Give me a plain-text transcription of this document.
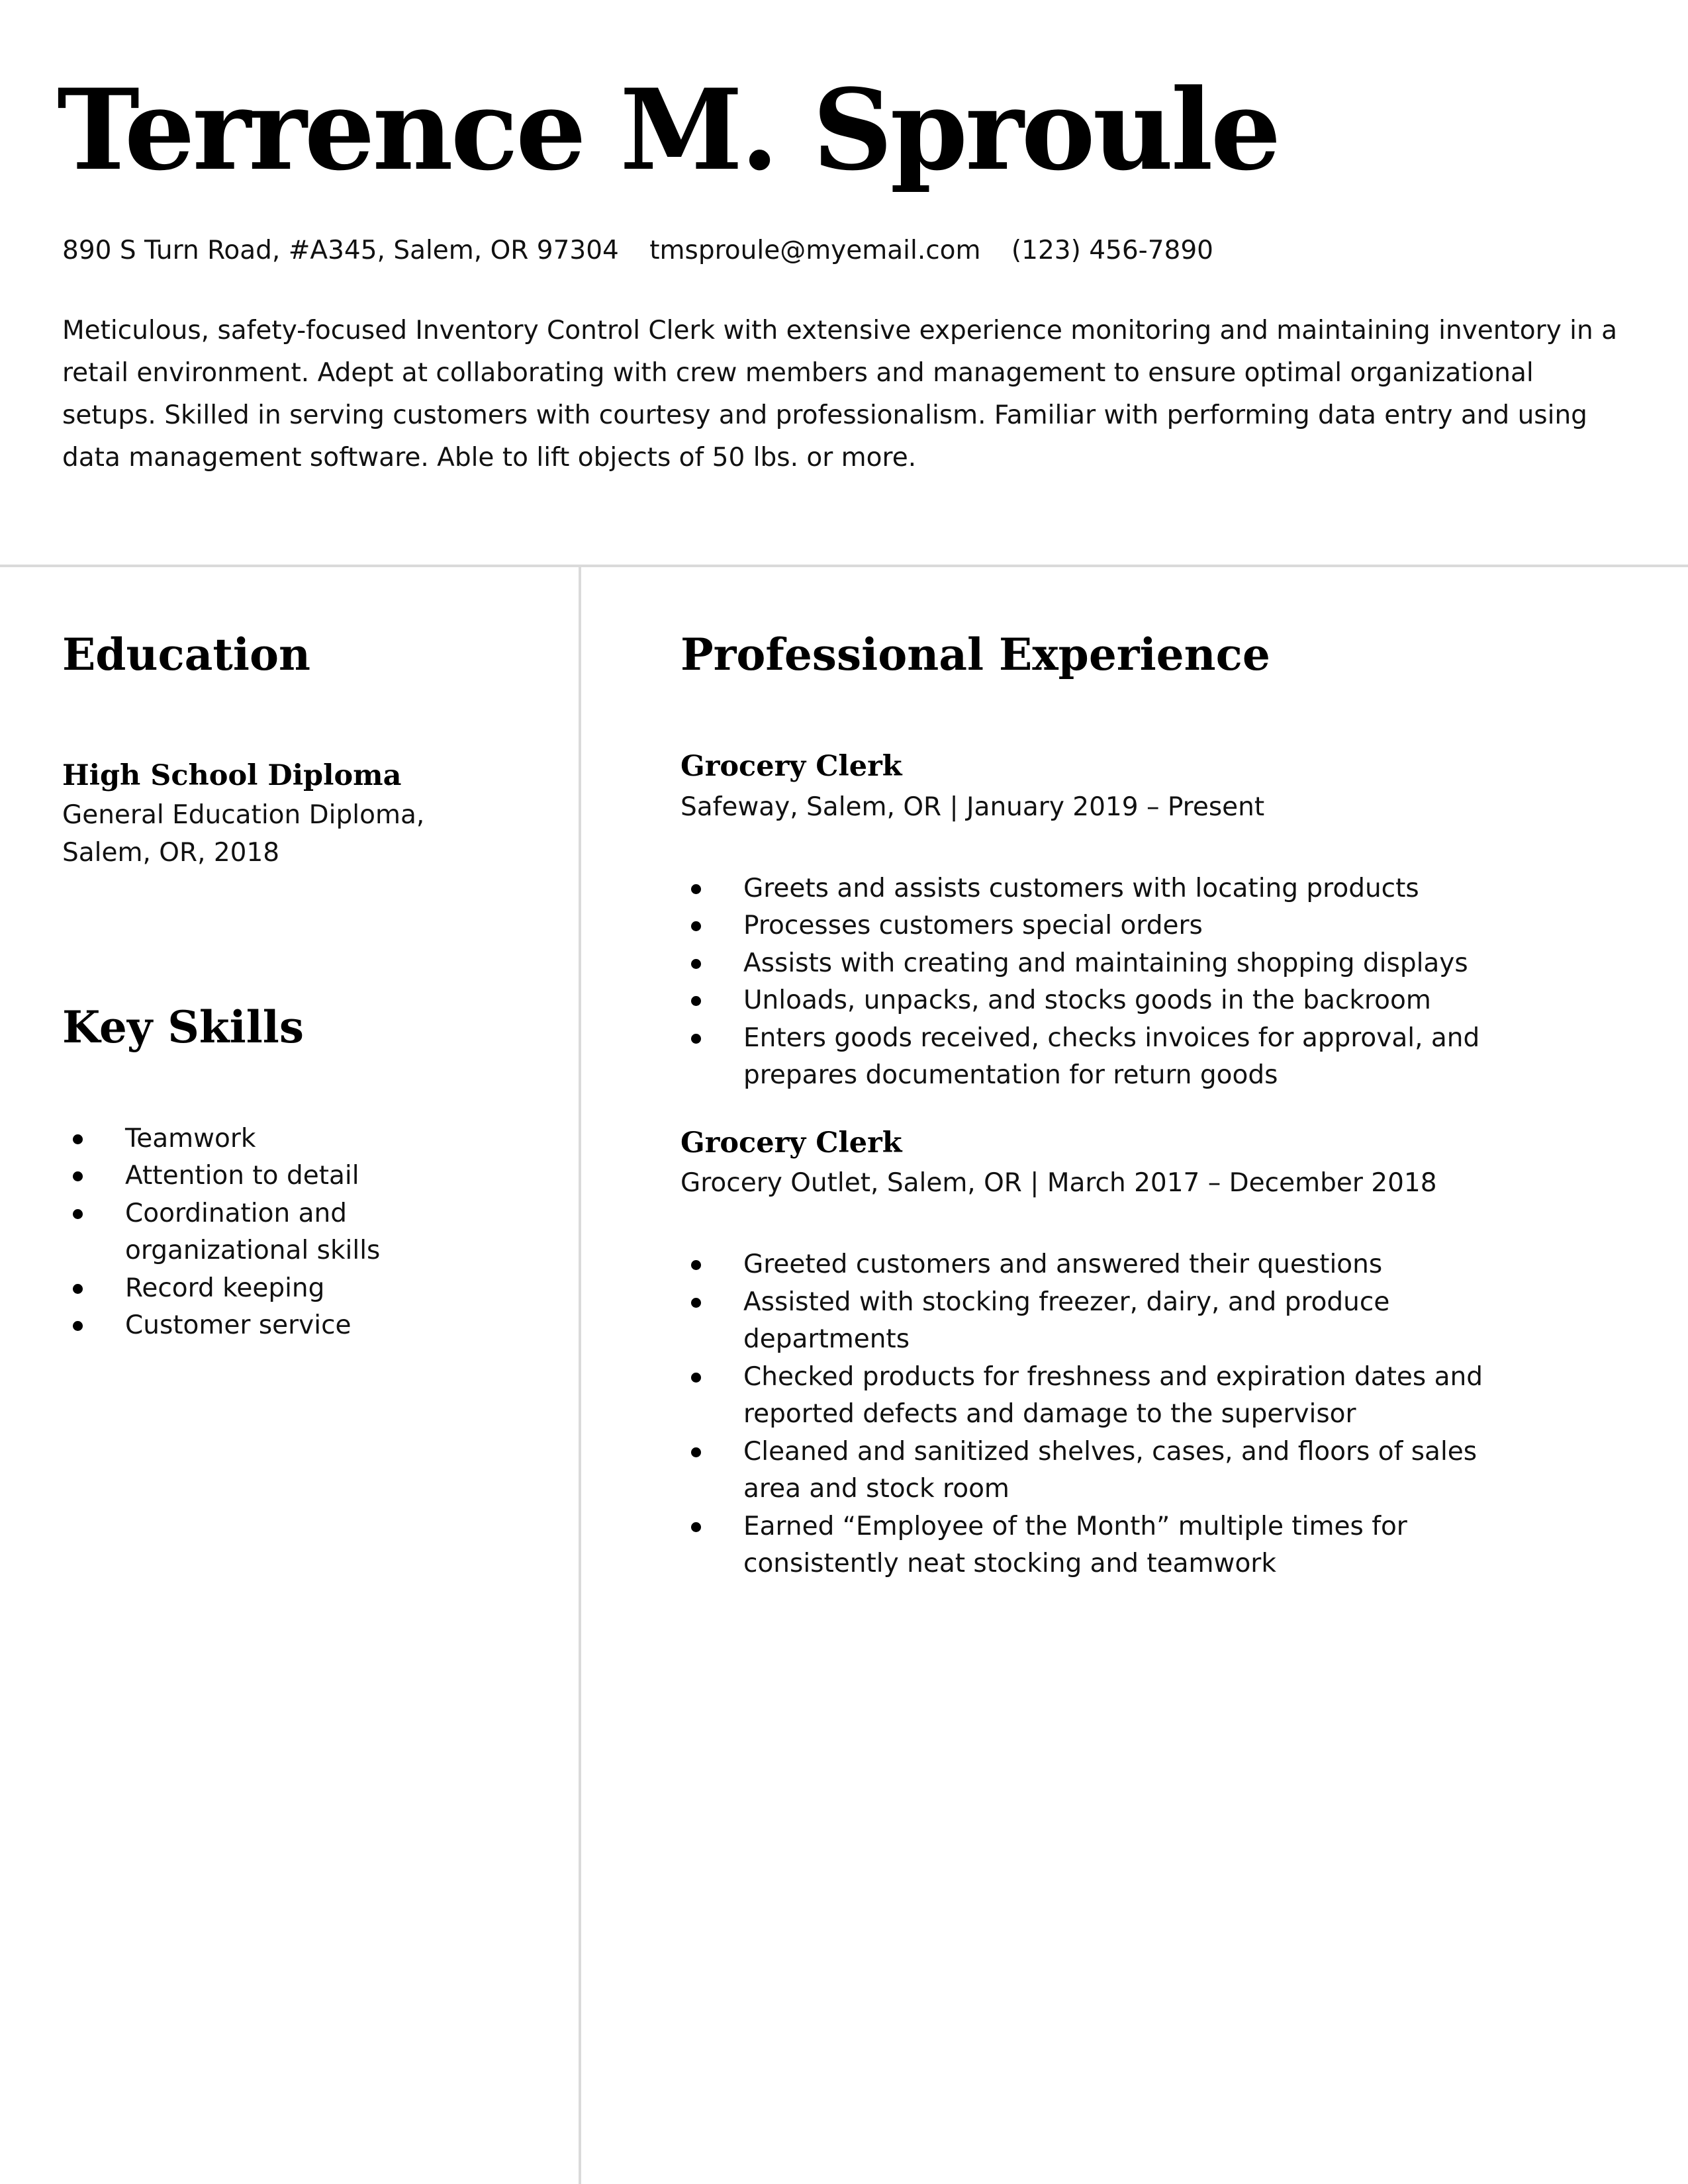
Terrence M. Sproule
890 S Turn Road, #A345, Salem, OR 97304 tmsproule@myemail.com (123) 456-7890

Meticulous, safety-focused Inventory Control Clerk with extensive experience monitoring and maintaining inventory in a retail environment. Adept at collaborating with crew members and management to ensure optimal organizational setups. Skilled in serving customers with courtesy and professionalism. Familiar with performing data entry and using data management software. Able to lift objects of 50 lbs. or more.

Education
High School Diploma

General Education Diploma, Salem, OR, 2018

Key Skills
Teamwork
Attention to detail
Coordination and organizational skills
Record keeping
Customer service
Professional Experience
Grocery Clerk

Safeway, Salem, OR | January 2019 – Present

Greets and assists customers with locating products
Processes customers special orders
Assists with creating and maintaining shopping displays
Unloads, unpacks, and stocks goods in the backroom
Enters goods received, checks invoices for approval, and prepares documentation for return goods
Grocery Clerk

Grocery Outlet, Salem, OR | March 2017 – December 2018

Greeted customers and answered their questions
Assisted with stocking freezer, dairy, and produce departments
Checked products for freshness and expiration dates and reported defects and damage to the supervisor
Cleaned and sanitized shelves, cases, and floors of sales area and stock room
Earned “Employee of the Month” multiple times for consistently neat stocking and teamwork
